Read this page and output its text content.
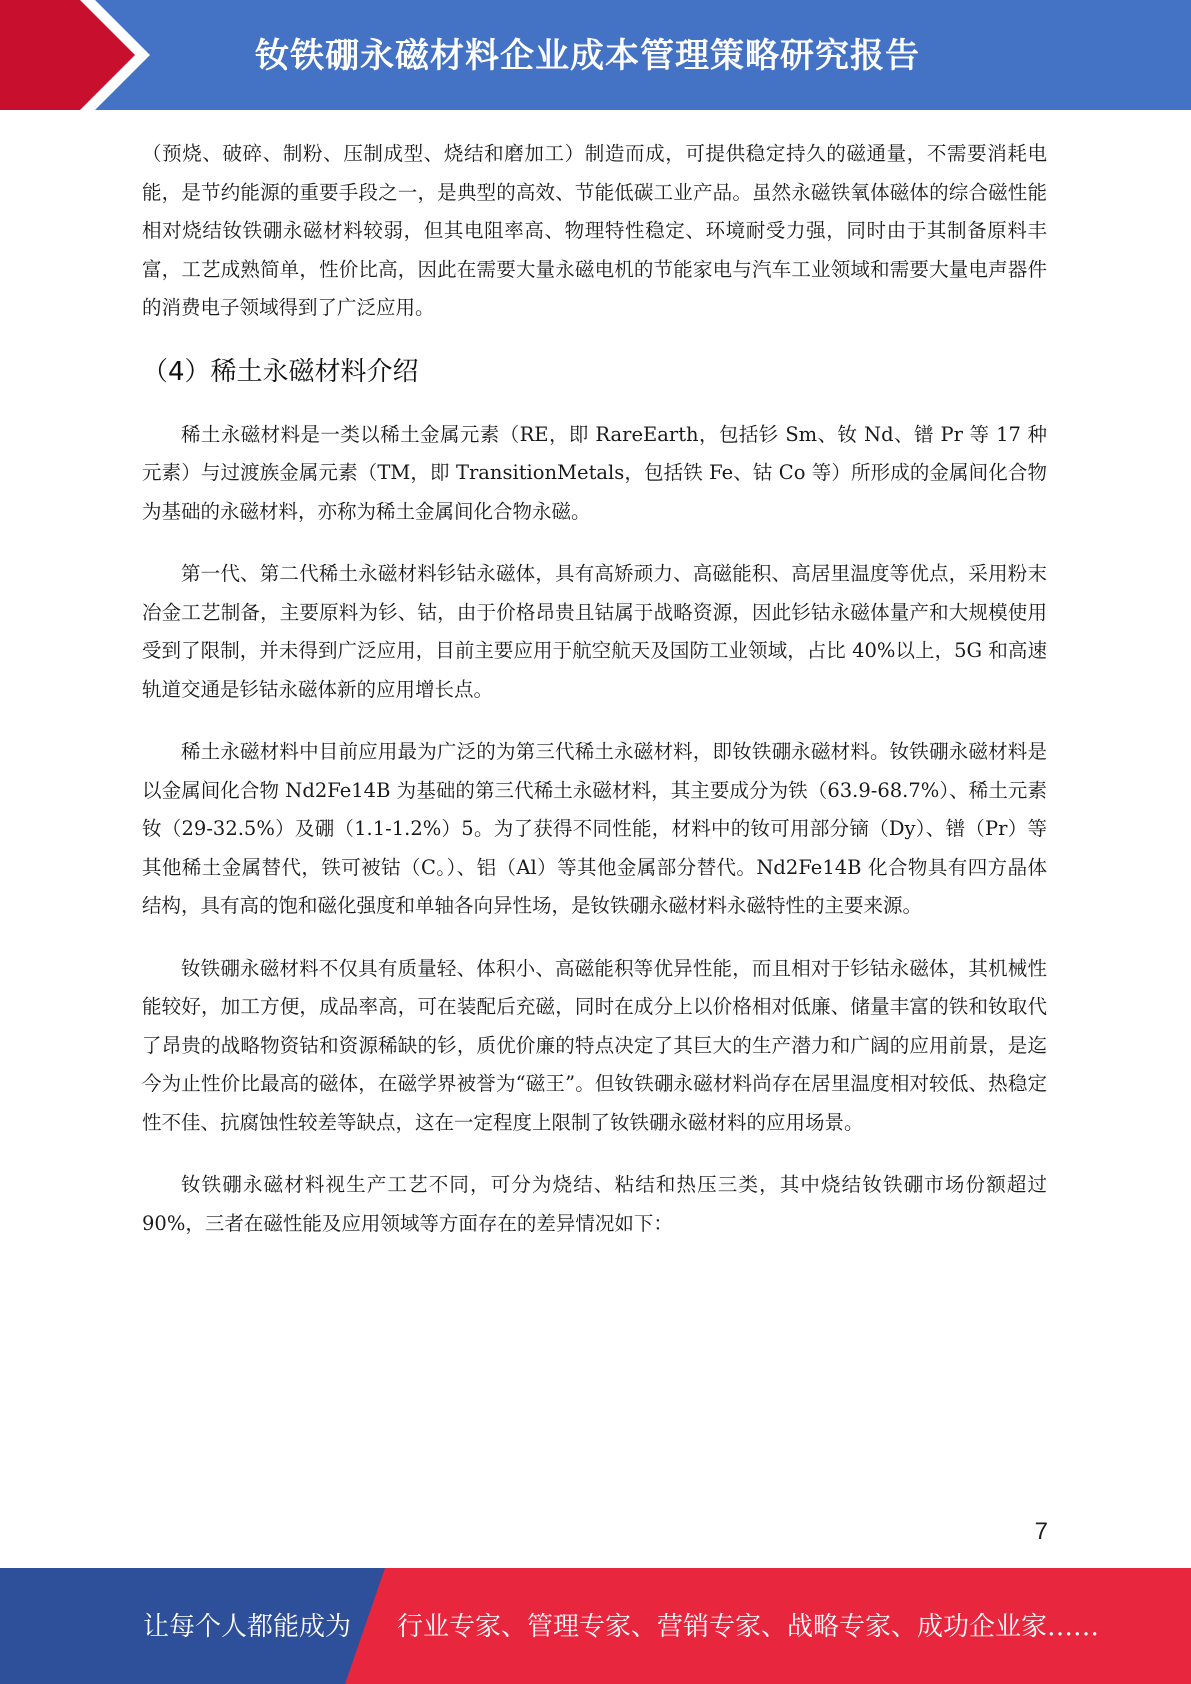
钕铁硼永磁材料企业成本管理策略研究报告

（预烧、破碎、制粉、压制成型、烧结和磨加工）制造而成，可提供稳定持久的磁通量，不需要消耗电能，是节约能源的重要手段之一，是典型的高效、节能低碳工业产品。虽然永磁铁氧体磁体的综合磁性能相对烧结钕铁硼永磁材料较弱，但其电阻率高、物理特性稳定、环境耐受力强，同时由于其制备原料丰富，工艺成熟简单，性价比高，因此在需要大量永磁电机的节能家电与汽车工业领域和需要大量电声器件的消费电子领域得到了广泛应用。

（4）稀土永磁材料介绍

稀土永磁材料是一类以稀土金属元素（RE，即 RareEarth，包括钐 Sm、钕 Nd、镨 Pr 等 17 种元素）与过渡族金属元素（TM，即 TransitionMetals，包括铁 Fe、钴 Co 等）所形成的金属间化合物为基础的永磁材料，亦称为稀土金属间化合物永磁。

第一代、第二代稀土永磁材料钐钴永磁体，具有高矫顽力、高磁能积、高居里温度等优点，采用粉末冶金工艺制备，主要原料为钐、钴，由于价格昂贵且钴属于战略资源，因此钐钴永磁体量产和大规模使用受到了限制，并未得到广泛应用，目前主要应用于航空航天及国防工业领域，占比 40%以上，5G 和高速轨道交通是钐钴永磁体新的应用增长点。

稀土永磁材料中目前应用最为广泛的为第三代稀土永磁材料，即钕铁硼永磁材料。钕铁硼永磁材料是以金属间化合物 Nd2Fe14B 为基础的第三代稀土永磁材料，其主要成分为铁（63.9-68.7%）、稀土元素钕（29-32.5%）及硼（1.1-1.2%）5。为了获得不同性能，材料中的钕可用部分镝（Dy）、镨（Pr）等其他稀土金属替代，铁可被钴（C。）、铝（Al）等其他金属部分替代。Nd2Fe14B 化合物具有四方晶体结构，具有高的饱和磁化强度和单轴各向异性场，是钕铁硼永磁材料永磁特性的主要来源。

钕铁硼永磁材料不仅具有质量轻、体积小、高磁能积等优异性能，而且相对于钐钴永磁体，其机械性能较好，加工方便，成品率高，可在装配后充磁，同时在成分上以价格相对低廉、储量丰富的铁和钕取代了昂贵的战略物资钴和资源稀缺的钐，质优价廉的特点决定了其巨大的生产潜力和广阔的应用前景，是迄今为止性价比最高的磁体，在磁学界被誉为“磁王”。但钕铁硼永磁材料尚存在居里温度相对较低、热稳定性不佳、抗腐蚀性较差等缺点，这在一定程度上限制了钕铁硼永磁材料的应用场景。

钕铁硼永磁材料视生产工艺不同，可分为烧结、粘结和热压三类，其中烧结钕铁硼市场份额超过 90%，三者在磁性能及应用领域等方面存在的差异情况如下：

7
让每个人都能成为 行业专家、管理专家、营销专家、战略专家、成功企业家……
